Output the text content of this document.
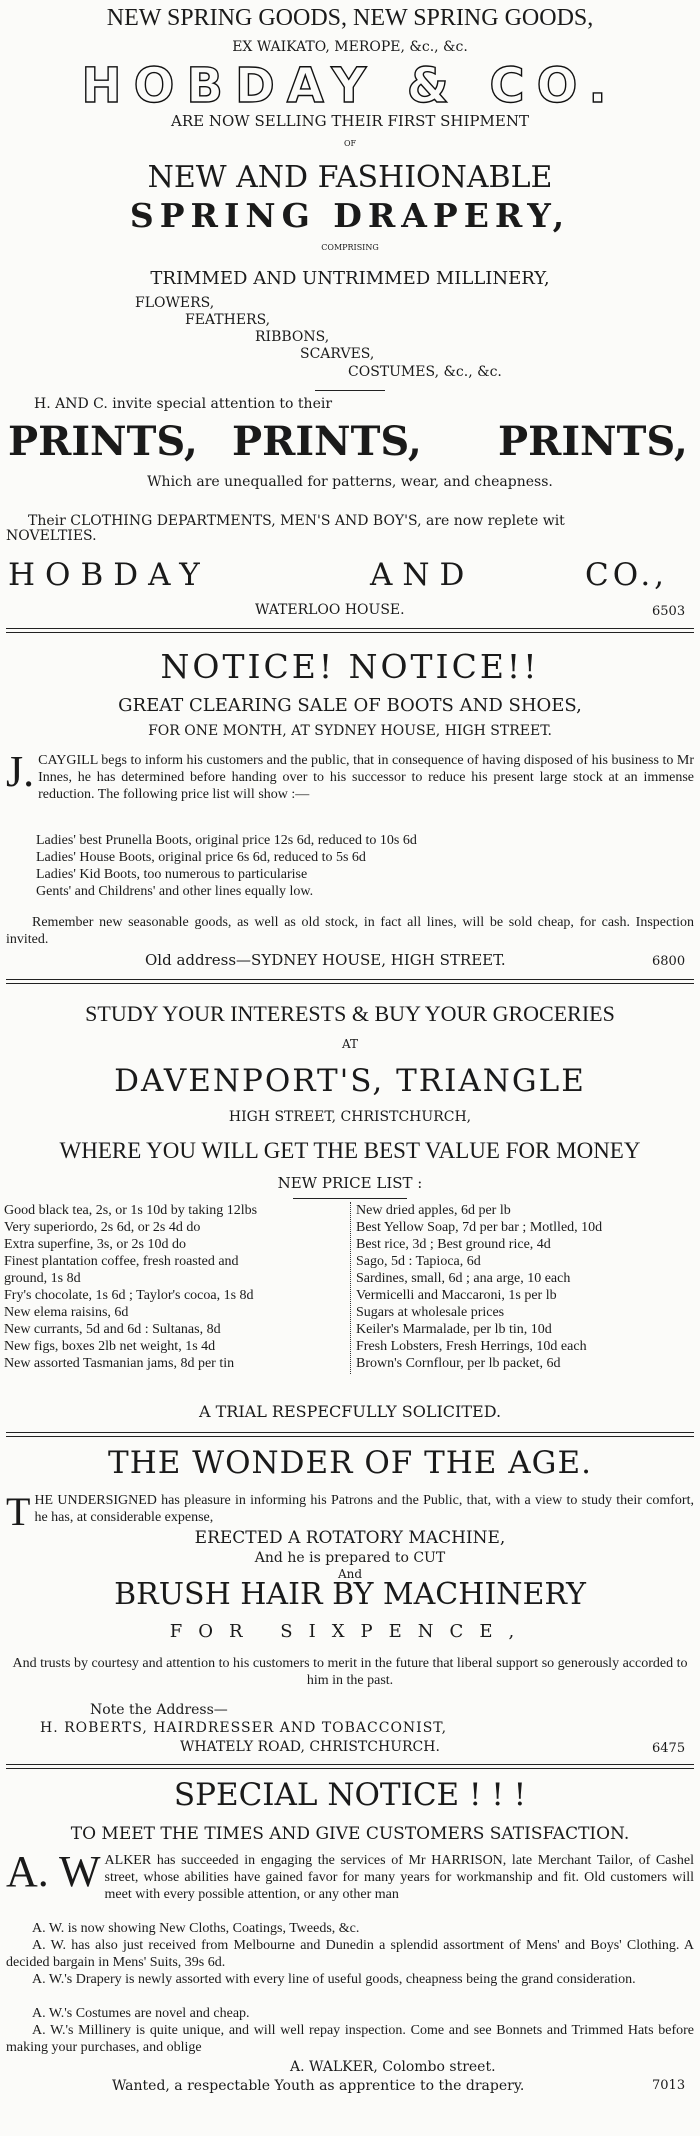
NEW SPRING GOODS, NEW SPRING GOODS,
EX WAIKATO, MEROPE, &c., &c.
HOBDAY & CO.
ARE NOW SELLING THEIR FIRST SHIPMENT
OF
NEW AND FASHIONABLE
SPRING DRAPERY,
COMPRISING
TRIMMED AND UNTRIMMED MILLINERY,
FLOWERS,
FEATHERS,
RIBBONS,
SCARVES,
COSTUMES, &c., &c.
H. AND C. invite special attention to their
PRINTS, PRINTS, PRINTS,
Which are unequalled for patterns, wear, and cheapness.
Their CLOTHING DEPARTMENTS, MEN'S AND BOY'S, are now replete wit
NOVELTIES.
HOBDAY	AND	CO.,
WATERLOO HOUSE.	6503
NOTICE! NOTICE!!
GREAT CLEARING SALE OF BOOTS AND SHOES,
FOR ONE MONTH, AT SYDNEY HOUSE, HIGH STREET.
J. CAYGILL begs to inform his customers and the public, that in consequence of having disposed of his business to Mr Innes, he has determined before handing over to his successor to reduce his present large stock at an immense reduction. The following price list will show :—
Ladies' best Prunella Boots, original price 12s 6d, reduced to 10s 6d
Ladies' House Boots, original price 6s 6d, reduced to 5s 6d
Ladies' Kid Boots, too numerous to particularise
Gents' and Childrens' and other lines equally low.
Remember new seasonable goods, as well as old stock, in fact all lines, will be sold cheap, for cash. Inspection invited.
Old address—SYDNEY HOUSE, HIGH STREET.	6800
STUDY YOUR INTERESTS & BUY YOUR GROCERIES
AT
DAVENPORT'S, TRIANGLE
HIGH STREET, CHRISTCHURCH,
WHERE YOU WILL GET THE BEST VALUE FOR MONEY
NEW PRICE LIST :
Good black tea, 2s, or 1s 10d by taking 12lbs
Very superiordo, 2s 6d, or 2s 4d do
Extra superfine, 3s, or 2s 10d do
Finest plantation coffee, fresh roasted and
ground, 1s 8d
Fry's chocolate, 1s 6d ; Taylor's cocoa, 1s 8d
New elema raisins, 6d
New currants, 5d and 6d : Sultanas, 8d
New figs, boxes 2lb net weight, 1s 4d
New assorted Tasmanian jams, 8d per tin
New dried apples, 6d per lb
Best Yellow Soap, 7d per bar ; Motlled, 10d
Best rice, 3d ; Best ground rice, 4d
Sago, 5d : Tapioca, 6d
Sardines, small, 6d ; ana arge, 10 each
Vermicelli and Maccaroni, 1s per lb
Sugars at wholesale prices
Keiler's Marmalade, per lb tin, 10d
Fresh Lobsters, Fresh Herrings, 10d each
Brown's Cornflour, per lb packet, 6d
A TRIAL RESPECFULLY SOLICITED.
THE WONDER OF THE AGE.
THE UNDERSIGNED has pleasure in informing his Patrons and the Public, that, with a view to study their comfort, he has, at considerable expense,
ERECTED A ROTATORY MACHINE,
And he is prepared to CUT
And
BRUSH HAIR BY MACHINERY
FOR SIXPENCE,
And trusts by courtesy and attention to his customers to merit in the future that liberal support so generously accorded to him in the past.
Note the Address—
H. ROBERTS, HAIRDRESSER AND TOBACCONIST,
WHATELY ROAD, CHRISTCHURCH.	6475
SPECIAL NOTICE ! ! !
TO MEET THE TIMES AND GIVE CUSTOMERS SATISFACTION.
A. W ALKER has succeeded in engaging the services of Mr HARRISON, late Merchant Tailor, of Cashel street, whose abilities have gained favor for many years for workmanship and fit. Old customers will meet with every possible attention, or any other man
A. W. is now showing New Cloths, Coatings, Tweeds, &c.
A. W. has also just received from Melbourne and Dunedin a splendid assortment of Mens' and Boys' Clothing. A decided bargain in Mens' Suits, 39s 6d.
A. W.'s Drapery is newly assorted with every line of useful goods, cheapness being the grand consideration.
A. W.'s Costumes are novel and cheap.
A. W.'s Millinery is quite unique, and will well repay inspection. Come and see Bonnets and Trimmed Hats before making your purchases, and oblige
A. WALKER, Colombo street.
Wanted, a respectable Youth as apprentice to the drapery.	7013
